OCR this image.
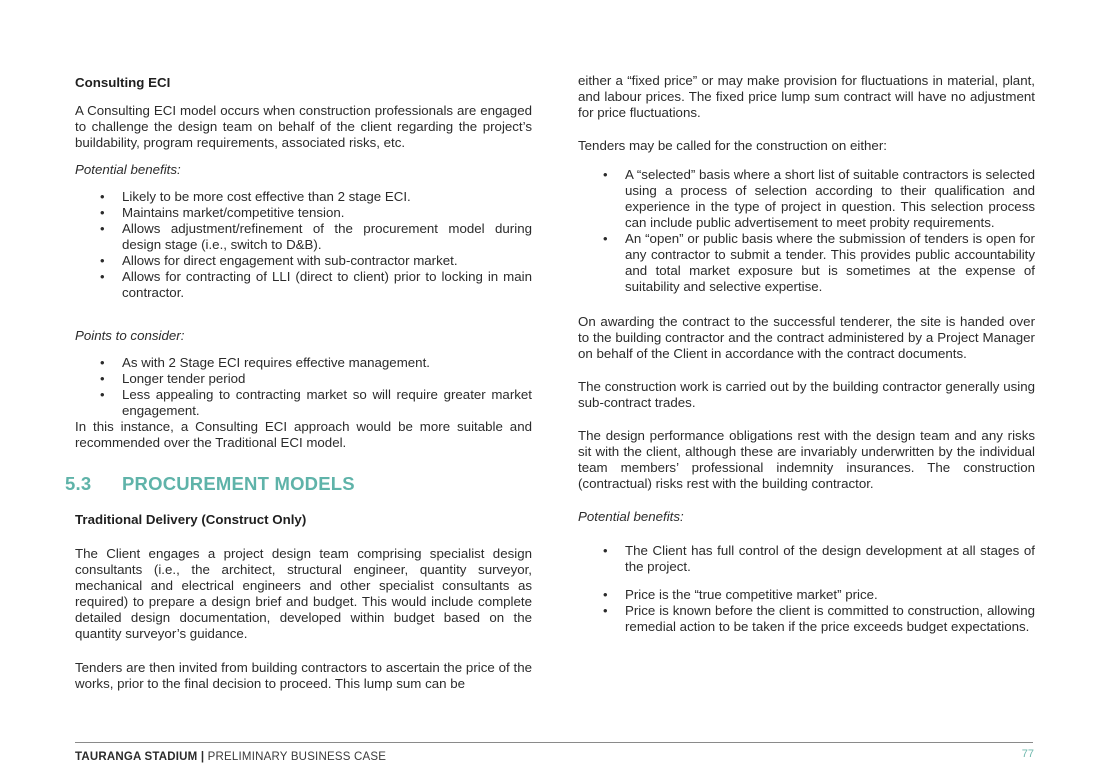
Consulting ECI

A Consulting ECI model occurs when construction professionals are engaged to challenge the design team on behalf of the client regarding the project’s buildability, program requirements, associated risks, etc.

Potential benefits:

• Likely to be more cost effective than 2 stage ECI.
• Maintains market/competitive tension.
• Allows adjustment/refinement of the procurement model during design stage (i.e., switch to D&B).
• Allows for direct engagement with sub-contractor market.
• Allows for contracting of LLI (direct to client) prior to locking in main contractor.

Points to consider:

• As with 2 Stage ECI requires effective management.
• Longer tender period
• Less appealing to contracting market so will require greater market engagement.

In this instance, a Consulting ECI approach would be more suitable and recommended over the Traditional ECI model.

5.3 PROCUREMENT MODELS

Traditional Delivery (Construct Only)

The Client engages a project design team comprising specialist design consultants (i.e., the architect, structural engineer, quantity surveyor, mechanical and electrical engineers and other specialist consultants as required) to prepare a design brief and budget. This would include complete detailed design documentation, developed within budget based on the quantity surveyor’s guidance.

Tenders are then invited from building contractors to ascertain the price of the works, prior to the final decision to proceed. This lump sum can be

either a “fixed price” or may make provision for fluctuations in material, plant, and labour prices. The fixed price lump sum contract will have no adjustment for price fluctuations.

Tenders may be called for the construction on either:

• A “selected” basis where a short list of suitable contractors is selected using a process of selection according to their qualification and experience in the type of project in question. This selection process can include public advertisement to meet probity requirements.
• An “open” or public basis where the submission of tenders is open for any contractor to submit a tender. This provides public accountability and total market exposure but is sometimes at the expense of suitability and selective expertise.

On awarding the contract to the successful tenderer, the site is handed over to the building contractor and the contract administered by a Project Manager on behalf of the Client in accordance with the contract documents.

The construction work is carried out by the building contractor generally using sub-contract trades.

The design performance obligations rest with the design team and any risks sit with the client, although these are invariably underwritten by the individual team members’ professional indemnity insurances. The construction (contractual) risks rest with the building contractor.

Potential benefits:

• The Client has full control of the design development at all stages of the project.
• Price is the “true competitive market” price.
• Price is known before the client is committed to construction, allowing remedial action to be taken if the price exceeds budget expectations.
TAURANGA STADIUM | PRELIMINARY BUSINESS CASE	77
